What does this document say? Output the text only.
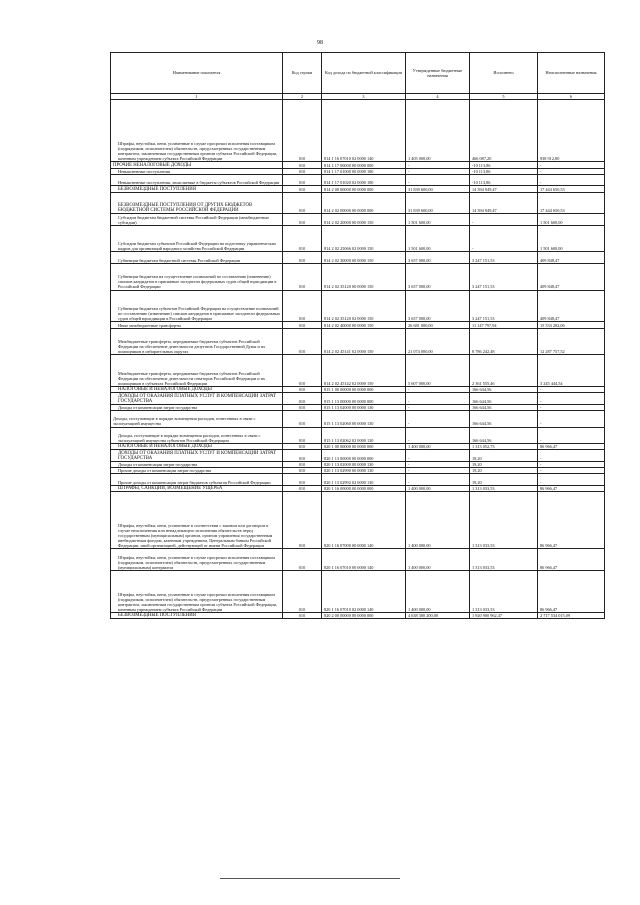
98
Наименование показателя	Код строки	Код дохода по бюджетной классификации	Утвержденные бюджетные назначения	Исполнено	Неисполненные назначения
1	2	3	4	5	6
Штрафы, неустойки, пени, уплаченные в случае просрочки исполнения поставщиком (подрядчиком, исполнителем) обязательств, предусмотренных государственным контрактом, заключенным государственным органом субъекта Российской Федерации, казенным учреждением субъекта Российской Федерации	010	814 1 16 07010 02 0000 140	1 405 000,00	466 087,20	938 912,80
ПРОЧИЕ НЕНАЛОГОВЫЕ ДОХОДЫ	010	814 1 17 00000 00 0000 000	-	-10 113,86	-
Невыясненные поступления	010	814 1 17 01000 00 0000 180	-	-10 113,86	-
Невыясненные поступления, зачисляемые в бюджеты субъектов Российской Федерации	010	814 1 17 01020 02 0000 180	-	-10 113,86	-
БЕЗВОЗМЕЗДНЫЕ ПОСТУПЛЕНИЯ	010	814 2 00 00000 00 0000 000	31 839 600,00	14 394 949,47	17 444 650,53
БЕЗВОЗМЕЗДНЫЕ ПОСТУПЛЕНИЯ ОТ ДРУГИХ БЮДЖЕТОВ БЮДЖЕТНОЙ СИСТЕМЫ РОССИЙСКОЙ ФЕДЕРАЦИИ	010	814 2 02 00000 00 0000 000	31 839 600,00	14 394 949,47	17 444 650,53
Субсидии бюджетам бюджетной системы Российской Федерации (межбюджетные субсидии)	010	814 2 02 20000 00 0000 150	1 501 600,00	-	1 501 600,00
Субсидии бюджетам субъектов Российской Федерации на подготовку управленческих кадров для организаций народного хозяйства Российской Федерации	010	814 2 02 25066 02 0000 150	1 501 600,00	-	1 501 600,00
Субвенции бюджетам бюджетной системы Российской Федерации	010	814 2 02 30000 00 0000 150	3 657 000,00	3 247 151,53	409 848,47
Субвенции бюджетам на осуществление полномочий по составлению (изменению) списков кандидатов в присяжные заседатели федеральных судов общей юрисдикции в Российской Федерации	010	814 2 02 35120 00 0000 150	3 657 000,00	3 247 151,53	409 848,47
Субвенции бюджетам субъектов Российской Федерации на осуществление полномочий по составлению (изменению) списков кандидатов в присяжные заседатели федеральных судов общей юрисдикции в Российской Федерации	010	814 2 02 35120 02 0000 150	3 657 000,00	3 247 151,53	409 848,47
Иные межбюджетные трансферты	010	814 2 02 40000 00 0000 150	26 681 000,00	11 147 797,94	15 533 202,06
Межбюджетные трансферты, передаваемые бюджетам субъектов Российской Федерации на обеспечение деятельности депутатов Государственной Думы и их помощников в избирательных округах	010	814 2 02 45141 02 0000 150	21 074 000,00	8 786 242,48	12 287 757,52
Межбюджетные трансферты, передаваемые бюджетам субъектов Российской Федерации на обеспечение деятельности сенаторов Российской Федерации и их помощников в субъектах Российской Федерации	010	814 2 02 45142 02 0000 150	5 607 000,00	2 361 555,46	3 245 444,54
НАЛОГОВЫЕ И НЕНАЛОГОВЫЕ ДОХОДЫ	010	815 1 00 00000 00 0000 000	-	166 644,56	-
ДОХОДЫ ОТ ОКАЗАНИЯ ПЛАТНЫХ УСЛУГ И КОМПЕНСАЦИИ ЗАТРАТ ГОСУДАРСТВА	010	815 1 13 00000 00 0000 000	-	166 644,56	-
Доходы от компенсации затрат государства	010	815 1 13 02000 00 0000 130	-	166 644,56	-
Доходы, поступающие в порядке возмещения расходов, понесенных в связи с эксплуатацией имущества	010	815 1 13 02060 00 0000 130	-	166 644,56	-
Доходы, поступающие в порядке возмещения расходов, понесенных в связи с эксплуатацией имущества субъектов Российской Федерации	010	815 1 13 02062 02 0000 130	-	166 644,56	-
НАЛОГОВЫЕ И НЕНАЛОГОВЫЕ ДОХОДЫ	010	820 1 00 00000 00 0000 000	1 400 000,00	1 313 052,73	86 966,47
ДОХОДЫ ОТ ОКАЗАНИЯ ПЛАТНЫХ УСЛУГ И КОМПЕНСАЦИИ ЗАТРАТ ГОСУДАРСТВА	010	820 1 13 00000 00 0000 000	-	19,20	-
Доходы от компенсации затрат государства	010	820 1 13 02000 00 0000 130	-	19,20	-
Прочие доходы от компенсации затрат государства	010	820 1 13 02990 00 0000 130	-	19,20	-
Прочие доходы от компенсации затрат бюджетов субъектов Российской Федерации	010	820 1 13 02992 02 0000 130	-	19,20	-
ШТРАФЫ, САНКЦИИ, ВОЗМЕЩЕНИЕ УЩЕРБА	010	820 1 16 00000 00 0000 000	1 400 000,00	1 313 033,53	86 966,47
Штрафы, неустойки, пени, уплаченные в соответствии с законом или договором в случае неисполнения или ненадлежащего исполнения обязательств перед государственным (муниципальным) органом, органом управления государственным внебюджетным фондом, казенным учреждением, Центральным банком Российской Федерации, иной организацией, действующей от имени Российской Федерации	010	820 1 16 07000 00 0000 140	1 400 000,00	1 313 033,53	86 966,47
Штрафы, неустойки, пени, уплаченные в случае просрочки исполнения поставщиком (подрядчиком, исполнителем) обязательств, предусмотренных государственным (муниципальным) контрактом	010	820 1 16 07010 00 0000 140	1 400 000,00	1 313 033,53	86 966,47
Штрафы, неустойки, пени, уплаченные в случае просрочки исполнения поставщиком (подрядчиком, исполнителем) обязательств, предусмотренных государственным контрактом, заключенным государственным органом субъекта Российской Федерации, казенным учреждением субъекта Российской Федерации	010	820 1 16 07010 02 0000 140	1 400 000,00	1 313 033,53	86 966,47
БЕЗВОЗМЕЗДНЫЕ ПОСТУПЛЕНИЯ	010	820 2 00 00000 00 0000 000	4 638 300 200,00	1 920 900 962,47	2 717 534 015,09
